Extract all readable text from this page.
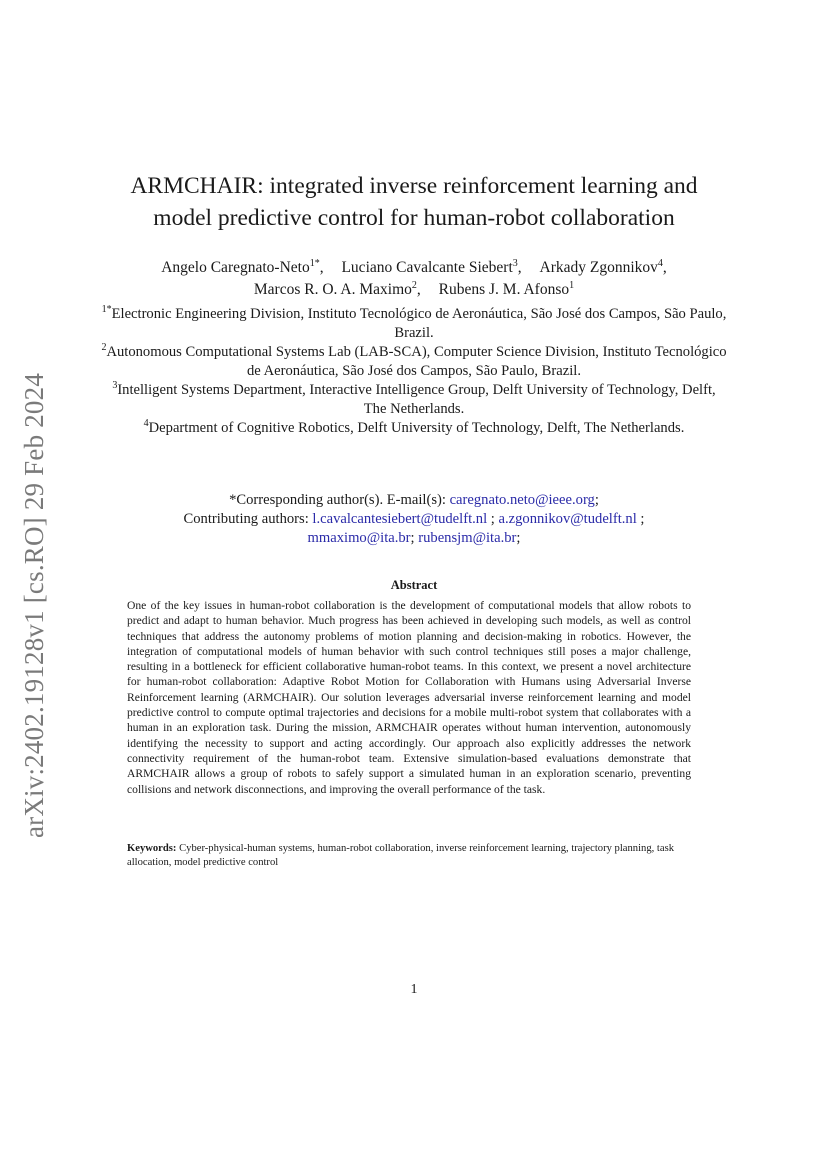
arXiv:2402.19128v1 [cs.RO] 29 Feb 2024
ARMCHAIR: integrated inverse reinforcement learning and
model predictive control for human-robot collaboration
Angelo Caregnato-Neto$^{1*}$, Luciano Cavalcante Siebert$^3$, Arkady Zgonnikov$^4$,
Marcos R. O. A. Maximo$^2$, Rubens J. M. Afonso$^1$
$^{1*}$Electronic Engineering Division, Instituto Tecnológico de Aeronáutica, São José dos Campos, São Paulo, Brazil.
$^2$Autonomous Computational Systems Lab (LAB-SCA), Computer Science Division, Instituto Tecnológico de Aeronáutica, São José dos Campos, São Paulo, Brazil.
$^3$Intelligent Systems Department, Interactive Intelligence Group, Delft University of Technology, Delft, The Netherlands.
$^4$Department of Cognitive Robotics, Delft University of Technology, Delft, The Netherlands.
*Corresponding author(s). E-mail(s): caregnato.neto@ieee.org;
Contributing authors: l.cavalcantesiebert@tudelft.nl ; a.zgonnikov@tudelft.nl ;
mmaximo@ita.br; rubensjm@ita.br;
Abstract

One of the key issues in human-robot collaboration is the development of computational models that allow robots to predict and adapt to human behavior. Much progress has been achieved in developing such models, as well as control techniques that address the autonomy problems of motion planning and decision-making in robotics. However, the integration of computational models of human behavior with such control techniques still poses a major challenge, resulting in a bottleneck for efficient collaborative human-robot teams. In this context, we present a novel architecture for human-robot collaboration: Adaptive Robot Motion for Collaboration with Humans using Adversarial Inverse Reinforcement learning (ARMCHAIR). Our solution leverages adversarial inverse reinforcement learning and model predictive control to compute optimal trajectories and decisions for a mobile multi-robot system that collaborates with a human in an exploration task. During the mission, ARMCHAIR operates without human intervention, autonomously identifying the necessity to support and acting accordingly. Our approach also explicitly addresses the network connectivity requirement of the human-robot team. Extensive simulation-based evaluations demonstrate that ARMCHAIR allows a group of robots to safely support a simulated human in an exploration scenario, preventing collisions and network disconnections, and improving the overall performance of the task.

Keywords: Cyber-physical-human systems, human-robot collaboration, inverse reinforcement learning, trajectory planning, task allocation, model predictive control

1
